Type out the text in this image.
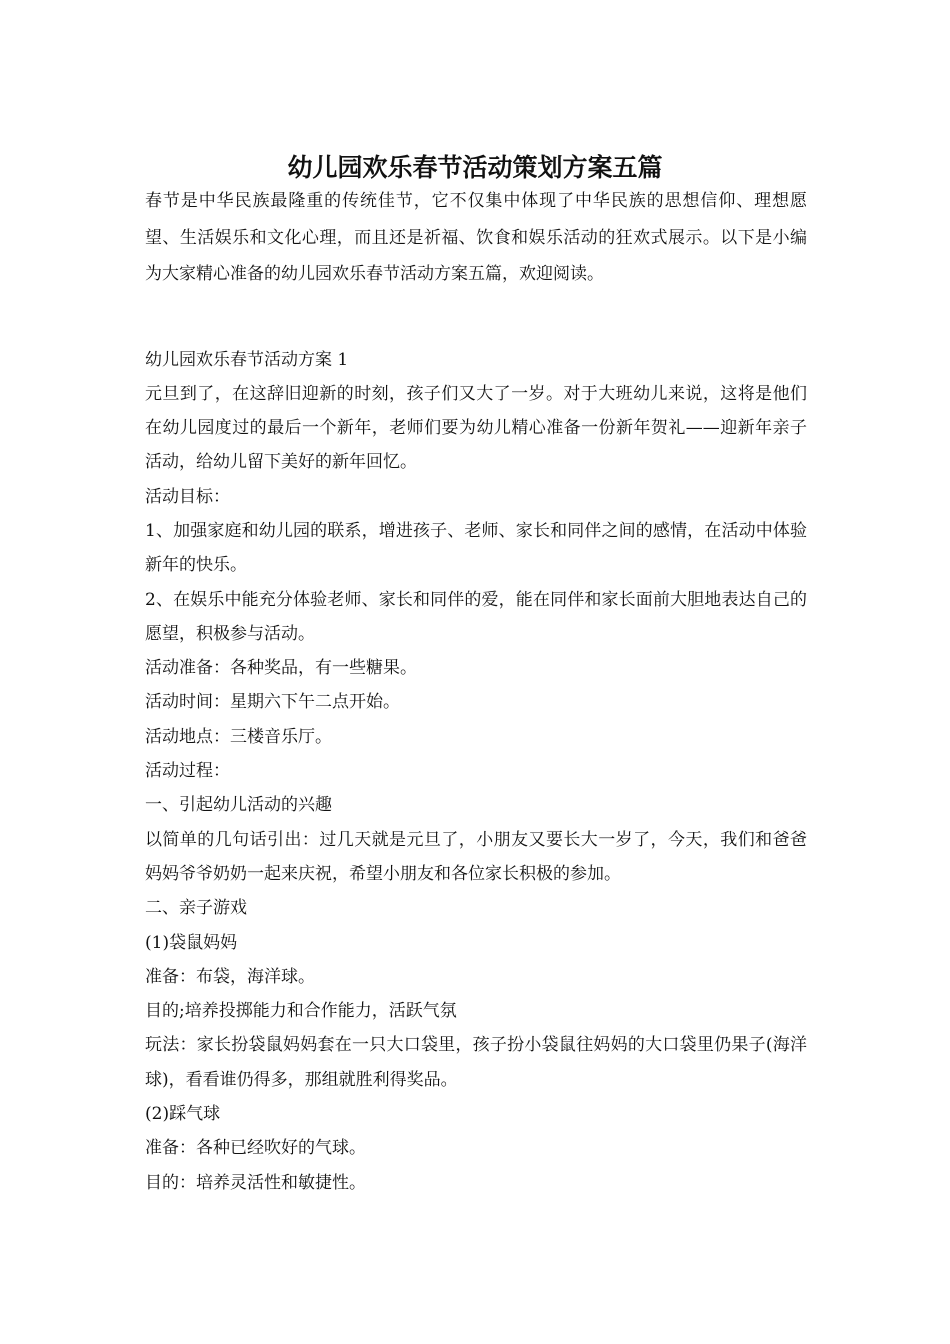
幼儿园欢乐春节活动策划方案五篇

春节是中华民族最隆重的传统佳节，它不仅集中体现了中华民族的思想信仰、理想愿望、生活娱乐和文化心理，而且还是祈福、饮食和娱乐活动的狂欢式展示。以下是小编为大家精心准备的幼儿园欢乐春节活动方案五篇，欢迎阅读。

幼儿园欢乐春节活动方案 1

元旦到了，在这辞旧迎新的时刻，孩子们又大了一岁。对于大班幼儿来说，这将是他们在幼儿园度过的最后一个新年，老师们要为幼儿精心准备一份新年贺礼——迎新年亲子活动，给幼儿留下美好的新年回忆。

活动目标：

1、加强家庭和幼儿园的联系，增进孩子、老师、家长和同伴之间的感情，在活动中体验新年的快乐。

2、在娱乐中能充分体验老师、家长和同伴的爱，能在同伴和家长面前大胆地表达自己的愿望，积极参与活动。

活动准备：各种奖品，有一些糖果。

活动时间：星期六下午二点开始。

活动地点：三楼音乐厅。

活动过程：

一、引起幼儿活动的兴趣

以简单的几句话引出：过几天就是元旦了，小朋友又要长大一岁了，今天，我们和爸爸妈妈爷爷奶奶一起来庆祝，希望小朋友和各位家长积极的参加。

二、亲子游戏

(1)袋鼠妈妈

准备：布袋，海洋球。

目的;培养投掷能力和合作能力，活跃气氛

玩法：家长扮袋鼠妈妈套在一只大口袋里，孩子扮小袋鼠往妈妈的大口袋里仍果子(海洋球)，看看谁仍得多，那组就胜利得奖品。

(2)踩气球

准备：各种已经吹好的气球。

目的：培养灵活性和敏捷性。
